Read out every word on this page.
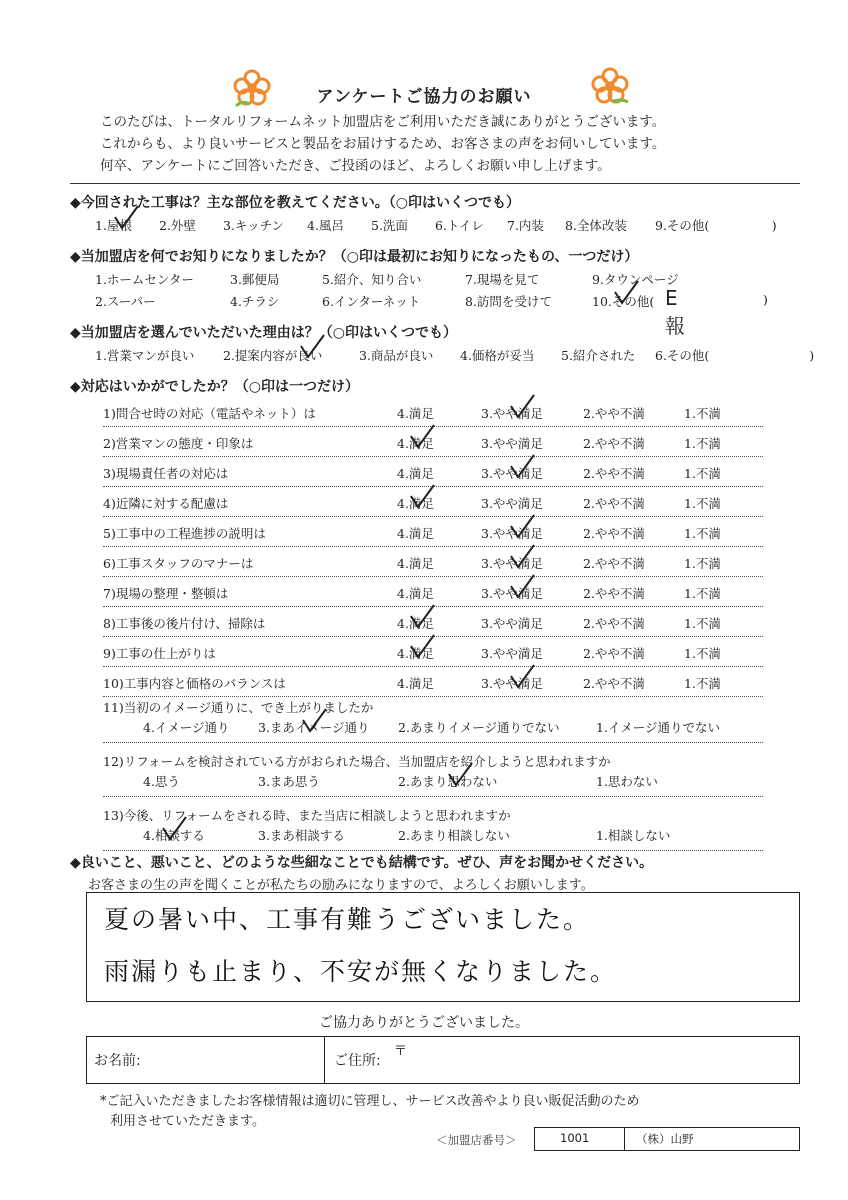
アンケートご協力のお願い
このたびは、トータルリフォームネット加盟店をご利用いただき誠にありがとうございます。
これからも、より良いサービスと製品をお届けするため、お客さまの声をお伺いしています。
何卒、アンケートにご回答いただき、ご投函のほど、よろしくお願い申し上げます。
◆今回された工事は？主な部位を教えてください。（○印はいくつでも）
1.屋根 2.外壁 3.キッチン 4.風呂 5.洗面 6.トイレ 7.内装 8.全体改装 9.その他(　　　　　)
◆当加盟店を何でお知りになりましたか？（○印は最初にお知りになったもの、一つだけ）
1.ホームセンター	3.郵便局	5.紹介、知り合い	7.現場を見て	9.タウンページ
2.スーパー	4.チラシ	6.インターネット	8.訪問を受けて	10.その他( E報
)
◆当加盟店を選んでいただいた理由は？（○印はいくつでも）
1.営業マンが良い 2.提案内容が良い	3.商品が良い 4.価格が妥当 5.紹介された 6.その他(　　　　　　　　)
◆対応はいかがでしたか？（○印は一つだけ）
1)問合せ時の対応（電話やネット）は	4.満足	3.やや満足	2.やや不満	1.不満
2)営業マンの態度・印象は	4.満足	3.やや満足	2.やや不満	1.不満
3)現場責任者の対応は	4.満足	3.やや満足	2.やや不満	1.不満
4)近隣に対する配慮は	4.満足	3.やや満足	2.やや不満	1.不満
5)工事中の工程進捗の説明は	4.満足	3.やや満足	2.やや不満	1.不満
6)工事スタッフのマナーは	4.満足	3.やや満足	2.やや不満	1.不満
7)現場の整理・整頓は	4.満足	3.やや満足	2.やや不満	1.不満
8)工事後の後片付け、掃除は	4.満足	3.やや満足	2.やや不満	1.不満
9)工事の仕上がりは	4.満足	3.やや満足	2.やや不満	1.不満
10)工事内容と価格のバランスは	4.満足	3.やや満足	2.やや不満	1.不満
11)当初のイメージ通りに、でき上がりましたか
4.イメージ通り 3.まあイメージ通り 2.あまりイメージ通りでない	1.イメージ通りでない
12)リフォームを検討されている方がおられた場合、当加盟店を紹介しようと思われますか
4.思う	3.まあ思う	2.あまり思わない	1.思わない
13)今後、リフォームをされる時、また当店に相談しようと思われますか
4.相談する	3.まあ相談する	2.あまり相談しない	1.相談しない
◆良いこと、悪いこと、どのような些細なことでも結構です。ぜひ、声をお聞かせください。
お客さまの生の声を聞くことが私たちの励みになりますので、よろしくお願いします。
夏の暑い中、工事有難うございました。
雨漏りも止まり、不安が無くなりました。
ご協力ありがとうございました。
お名前:	ご住所:
〒
*ご記入いただきましたお客様情報は適切に管理し、サービス改善やより良い販促活動のため
利用させていただきます。
＜加盟店番号＞	1001	（株）山野
